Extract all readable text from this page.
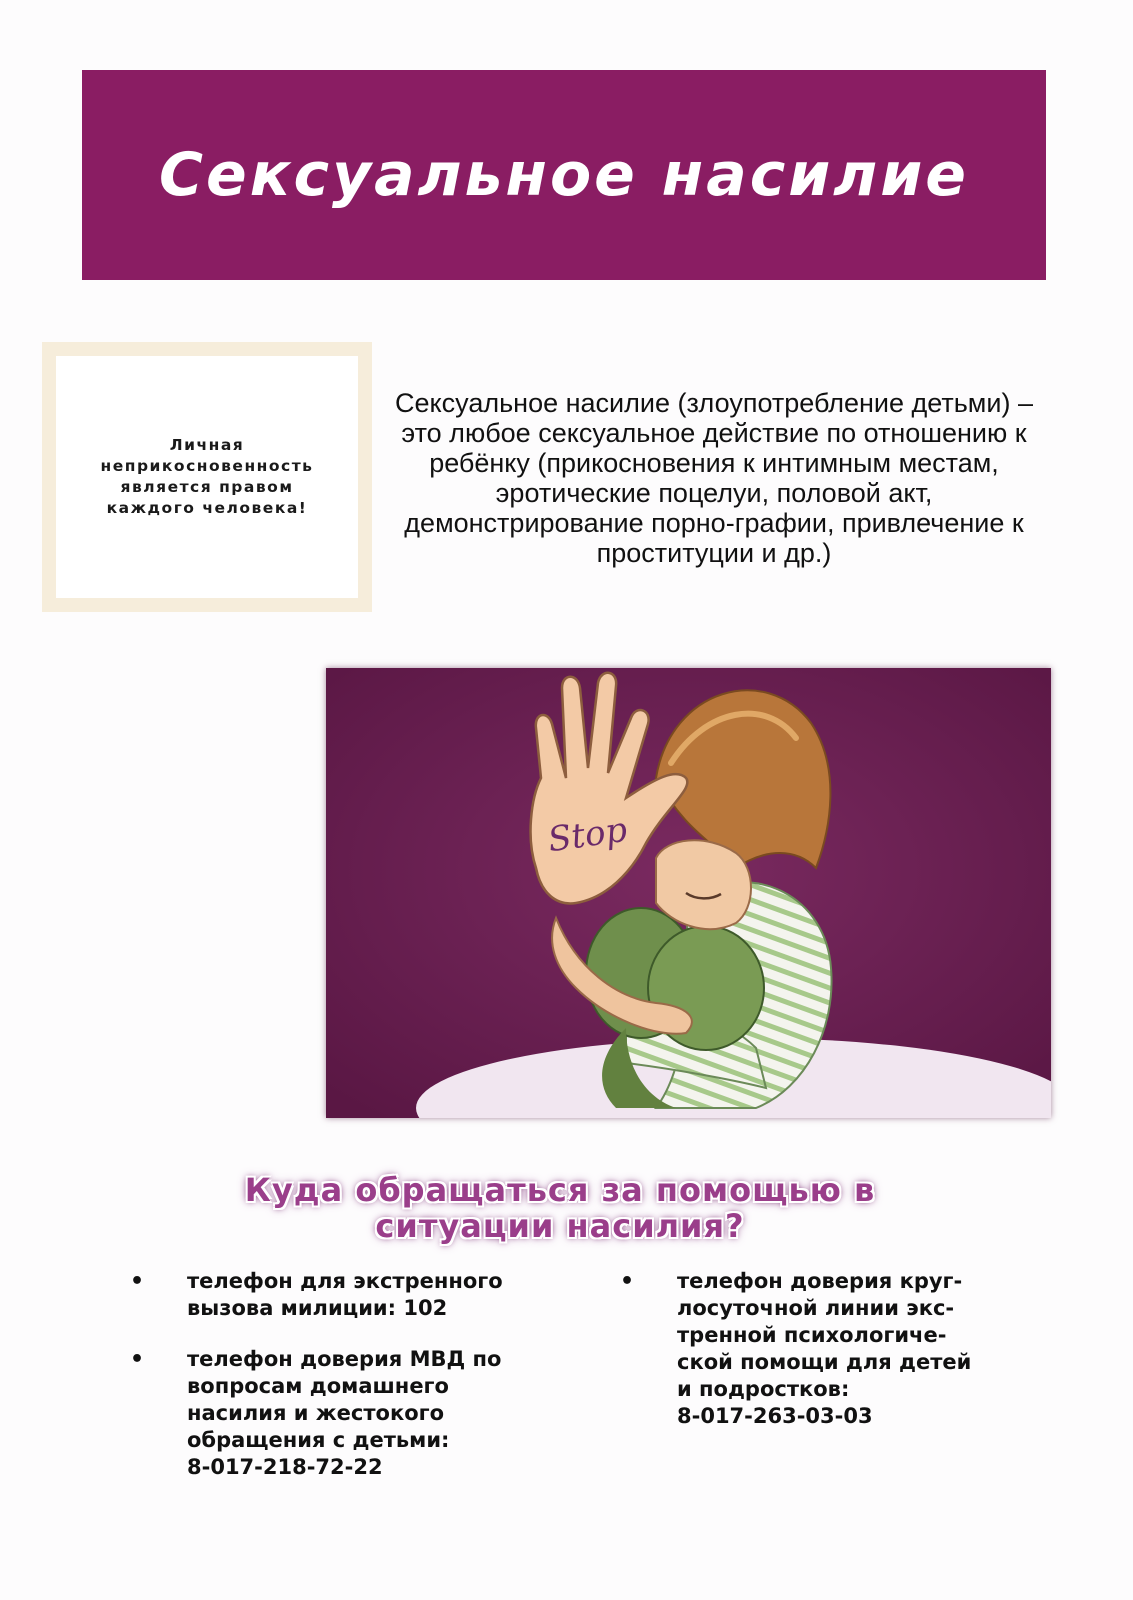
Сексуальное насилие

Личная неприкосновенность является правом каждого человека!

Сексуальное насилие (злоупотребление детьми) – это любое сексуальное действие по отношению к ребёнку (прикосновения к интимным местам, эротические поцелуи, половой акт, демонстрирование порно-графии, привлечение к проституции и др.)

Stop
Куда обращаться за помощью в ситуации насилия?
• телефон для экстренного
вызова милиции: 102
• телефон доверия МВД по
вопросам домашнего
насилия и жестокого
обращения с детьми:
8-017-218-72-22
• телефон доверия круг-
лосуточной линии экс-
тренной психологиче-
ской помощи для детей
и подростков:
8-017-263-03-03
